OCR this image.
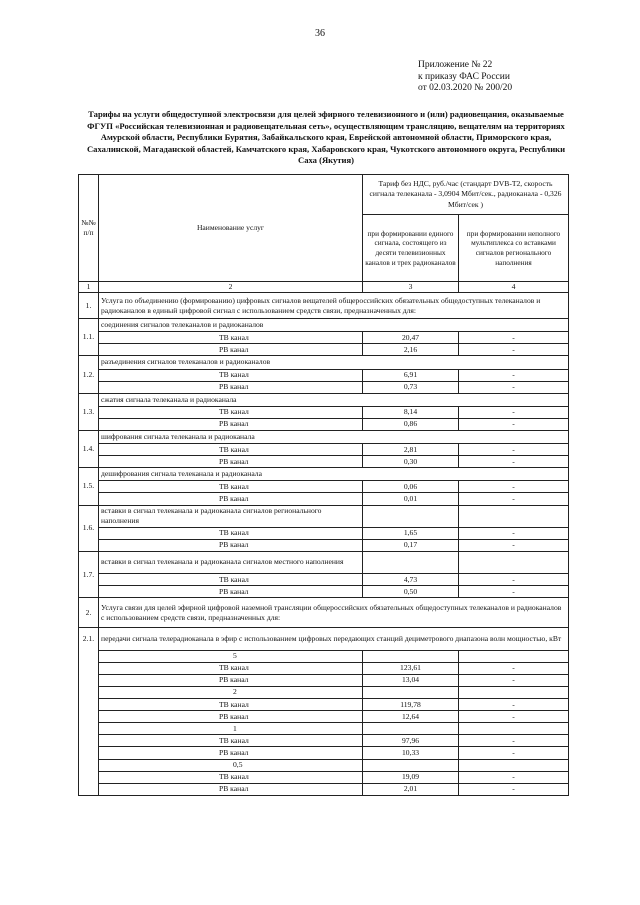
36
Приложение № 22
к приказу ФАС России
от 02.03.2020 № 200/20
Тарифы на услуги общедоступной электросвязи для целей эфирного телевизионного и (или) радиовещания, оказываемые ФГУП «Российская телевизионная и радиовещательная сеть», осуществляющим трансляцию, вещателям на территориях Амурской области, Республики Бурятия, Забайкальского края, Еврейской автономной области, Приморского края, Сахалинской, Магаданской областей, Камчатского края, Хабаровского края, Чукотского автономного округа, Республики Саха (Якутия)
№№ п/п	Наименование услуг	Тариф без НДС, руб./час (стандарт DVB-T2, скорость сигнала телеканала - 3,0904 Мбит/сек., радиоканала - 0,326 Мбит/сек )	
		при формировании единого сигнала, состоящего из десяти телевизионных каналов и трех радиоканалов	при формировании неполного мультиплекса со вставками сигналов регионального наполнения
1	2	3	4
1.	Услуга по объединению (формированию) цифровых сигналов вещателей общероссийских обязательных общедоступных телеканалов и радиоканалов в единый цифровой сигнал с использованием средств связи, предназначенных для:		
1.1.	соединения сигналов телеканалов и радиоканалов		
	ТВ канал	20,47	-
	РВ канал	2,16	-
1.2.	разъединения сигналов телеканалов и радиоканалов		
	ТВ канал	6,91	-
	РВ канал	0,73	-
1.3.	сжатия сигнала телеканала и радиоканала		
	ТВ канал	8,14	-
	РВ канал	0,86	-
1.4.	шифрования сигнала телеканала и радиоканала		
	ТВ канал	2,81	-
	РВ канал	0,30	-
1.5.	дешифрования сигнала телеканала и радиоканала		
	ТВ канал	0,06	-
	РВ канал	0,01	-
1.6.	вставки в сигнал телеканала и радиоканала сигналов регионального наполнения		
	ТВ канал	1,65	-
	РВ канал	0,17	-
1.7.	вставки в сигнал телеканала и радиоканала сигналов местного наполнения		
	ТВ канал	4,73	-
	РВ канал	0,50	-
2.	Услуга связи для целей эфирной цифровой наземной трансляции общероссийских обязательных общедоступных телеканалов и радиоканалов с использованием средств связи, предназначенных для:		
2.1.	передачи сигнала телерадиоканала в эфир с использованием цифровых передающих станций дециметрового диапазона волн мощностью, кВт		
	5		
	ТВ канал	123,61	-
	РВ канал	13,04	-
	2		
	ТВ канал	119,78	-
	РВ канал	12,64	-
	1		
	ТВ канал	97,96	-
	РВ канал	10,33	-
	0,5		
	ТВ канал	19,09	-
	РВ канал	2,01	-
